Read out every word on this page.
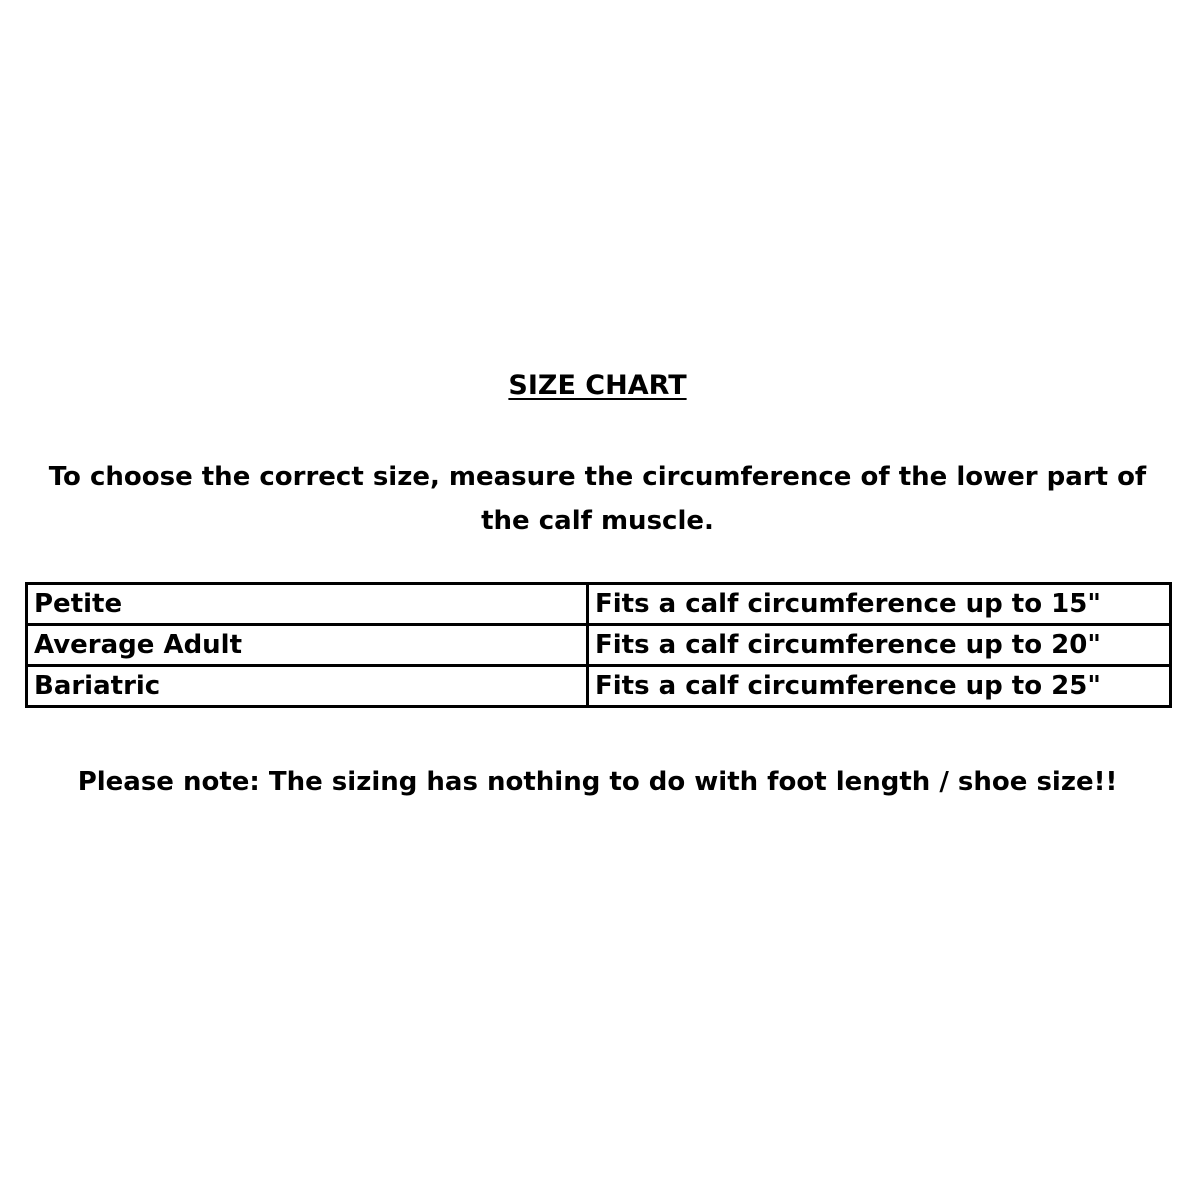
SIZE CHART
To choose the correct size, measure the circumference of the lower part of the calf muscle.
Petite	Fits a calf circumference up to 15"
Average Adult	Fits a calf circumference up to 20"
Bariatric	Fits a calf circumference up to 25"
Please note: The sizing has nothing to do with foot length / shoe size!!
